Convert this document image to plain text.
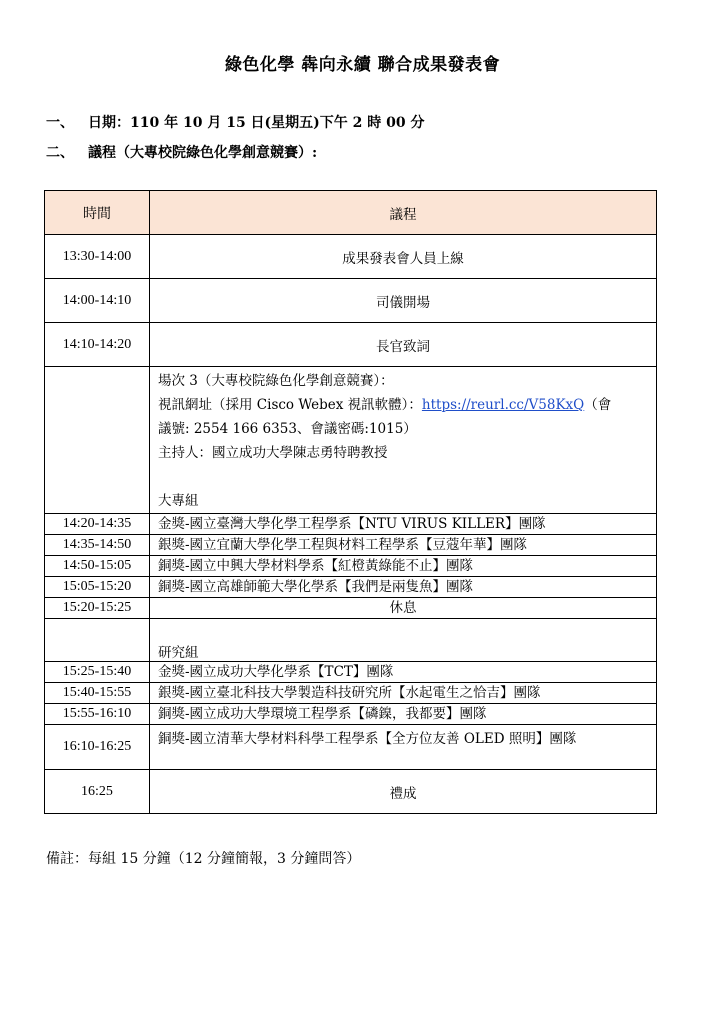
綠色化學 犇向永續 聯合成果發表會
一、 日期：110 年 10 月 15 日(星期五)下午 2 時 00 分
二、 議程（大專校院綠色化學創意競賽）:
時間	議程
13:30-14:00	成果發表會人員上線
14:00-14:10	司儀開場
14:10-14:20	長官致詞

	場次 3（大專校院綠色化學創意競賽）：
視訊網址（採用 Cisco Webex 視訊軟體）：https://reurl.cc/V58KxQ（會
議號: 2554 166 6353、會議密碼:1015）
主持人：國立成功大學陳志勇特聘教授

大專組

14:20-14:35	金獎-國立臺灣大學化學工程學系【NTU VIRUS KILLER】團隊
14:35-14:50	銀獎-國立宜蘭大學化學工程與材料工程學系【豆蔻年華】團隊
14:50-15:05	銅獎-國立中興大學材料學系【紅橙黃綠能不止】團隊
15:05-15:20	銅獎-國立高雄師範大學化學系【我們是兩隻魚】團隊
15:20-15:25	休息
	研究組
15:25-15:40	金獎-國立成功大學化學系【TCT】團隊
15:40-15:55	銀獎-國立臺北科技大學製造科技研究所【水起電生之恰吉】團隊
15:55-16:10	銅獎-國立成功大學環境工程學系【磷鎳，我都要】團隊
16:10-16:25	銅獎-國立清華大學材料科學工程學系【全方位友善 OLED 照明】團隊
16:25	禮成
備註：每組 15 分鐘（12 分鐘簡報，3 分鐘問答）
